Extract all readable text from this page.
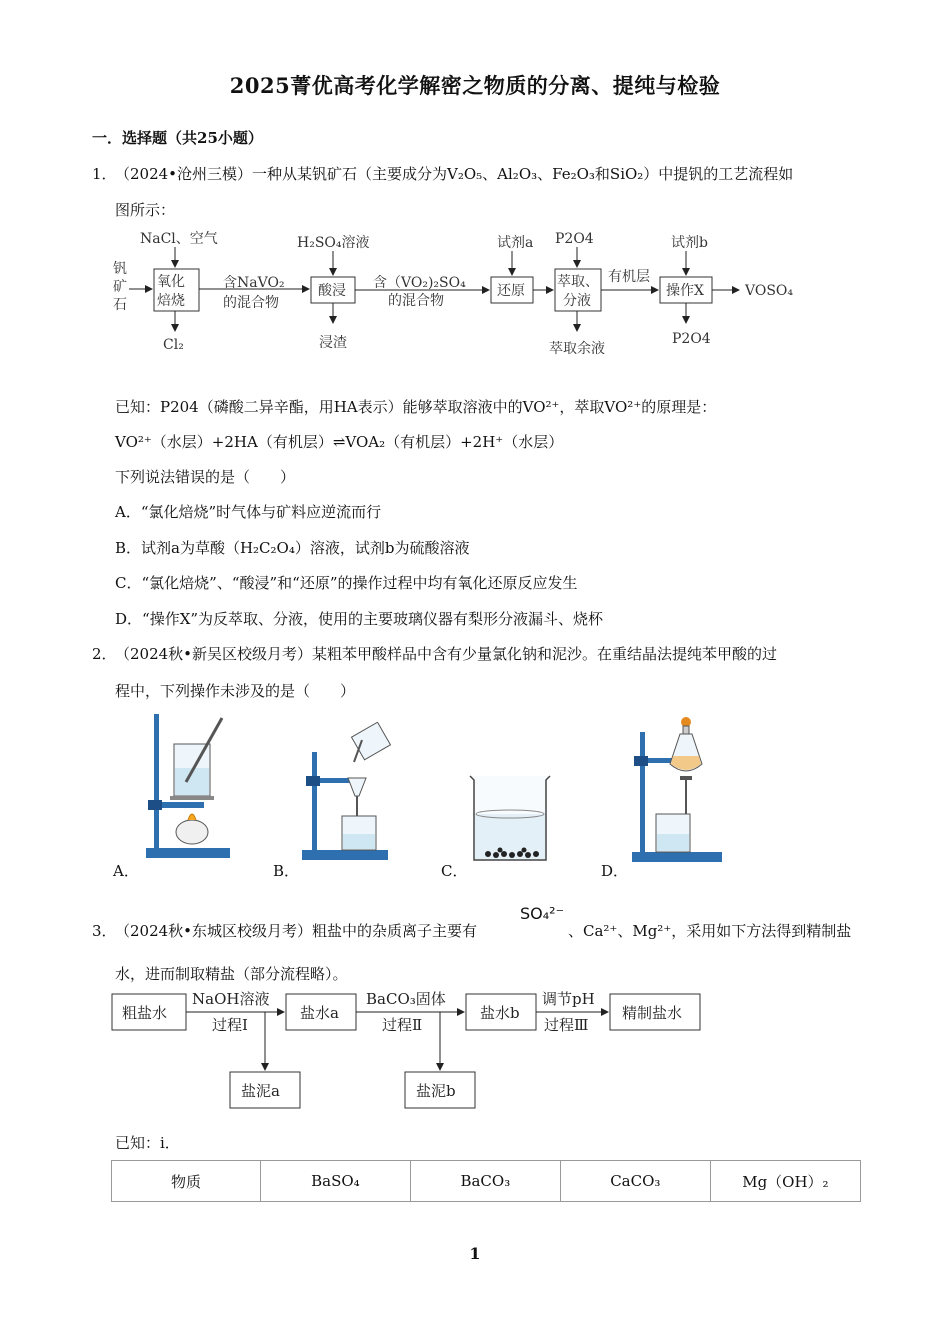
2025菁优高考化学解密之物质的分离、提纯与检验
一．选择题（共25小题）
1．
（2024•沧州三模）一种从某钒矿石（主要成分为V₂O₅、Al₂O₃、Fe₂O₃和SiO₂）中提钒的工艺流程如
图所示：
钒
矿
石
NaCl、空气
氧化
焙烧
Cl₂
含NaVO₂
的混合物
H₂SO₄溶液
酸浸
浸渣
含（VO₂)₂SO₄
的混合物
试剂a
还原
P2O4
萃取、
分液
萃取余液
有机层
试剂b
操作X
P2O4
VOSO₄
已知：P204（磷酸二异辛酯，用HA表示）能够萃取溶液中的VO²⁺，萃取VO²⁺的原理是：
VO²⁺（水层）+2HA（有机层）⇌VOA₂（有机层）+2H⁺（水层）
下列说法错误的是（　　）
A．“氯化焙烧”时气体与矿料应逆流而行
B．试剂a为草酸（H₂C₂O₄）溶液，试剂b为硫酸溶液
C．“氯化焙烧”、“酸浸”和“还原”的操作过程中均有氧化还原反应发生
D．“操作X”为反萃取、分液，使用的主要玻璃仪器有梨形分液漏斗、烧杯
2．
（2024秋•新吴区校级月考）某粗苯甲酸样品中含有少量氯化钠和泥沙。在重结晶法提纯苯甲酸的过
程中，下列操作未涉及的是（　　）
A．	B．	C．	D．
3．
（2024秋•东城区校级月考）粗盐中的杂质离子主要有
SO₄²⁻
、Ca²⁺、Mg²⁺，采用如下方法得到精制盐
水，进而制取精盐（部分流程略）。
粗盐水
NaOH溶液
过程Ⅰ
盐泥a
盐水a
BaCO₃固体
过程Ⅱ
盐泥b
盐水b
调节pH
过程Ⅲ
精制盐水
已知：ⅰ．
物质	BaSO₄	BaCO₃	CaCO₃	Mg（OH）₂
1
